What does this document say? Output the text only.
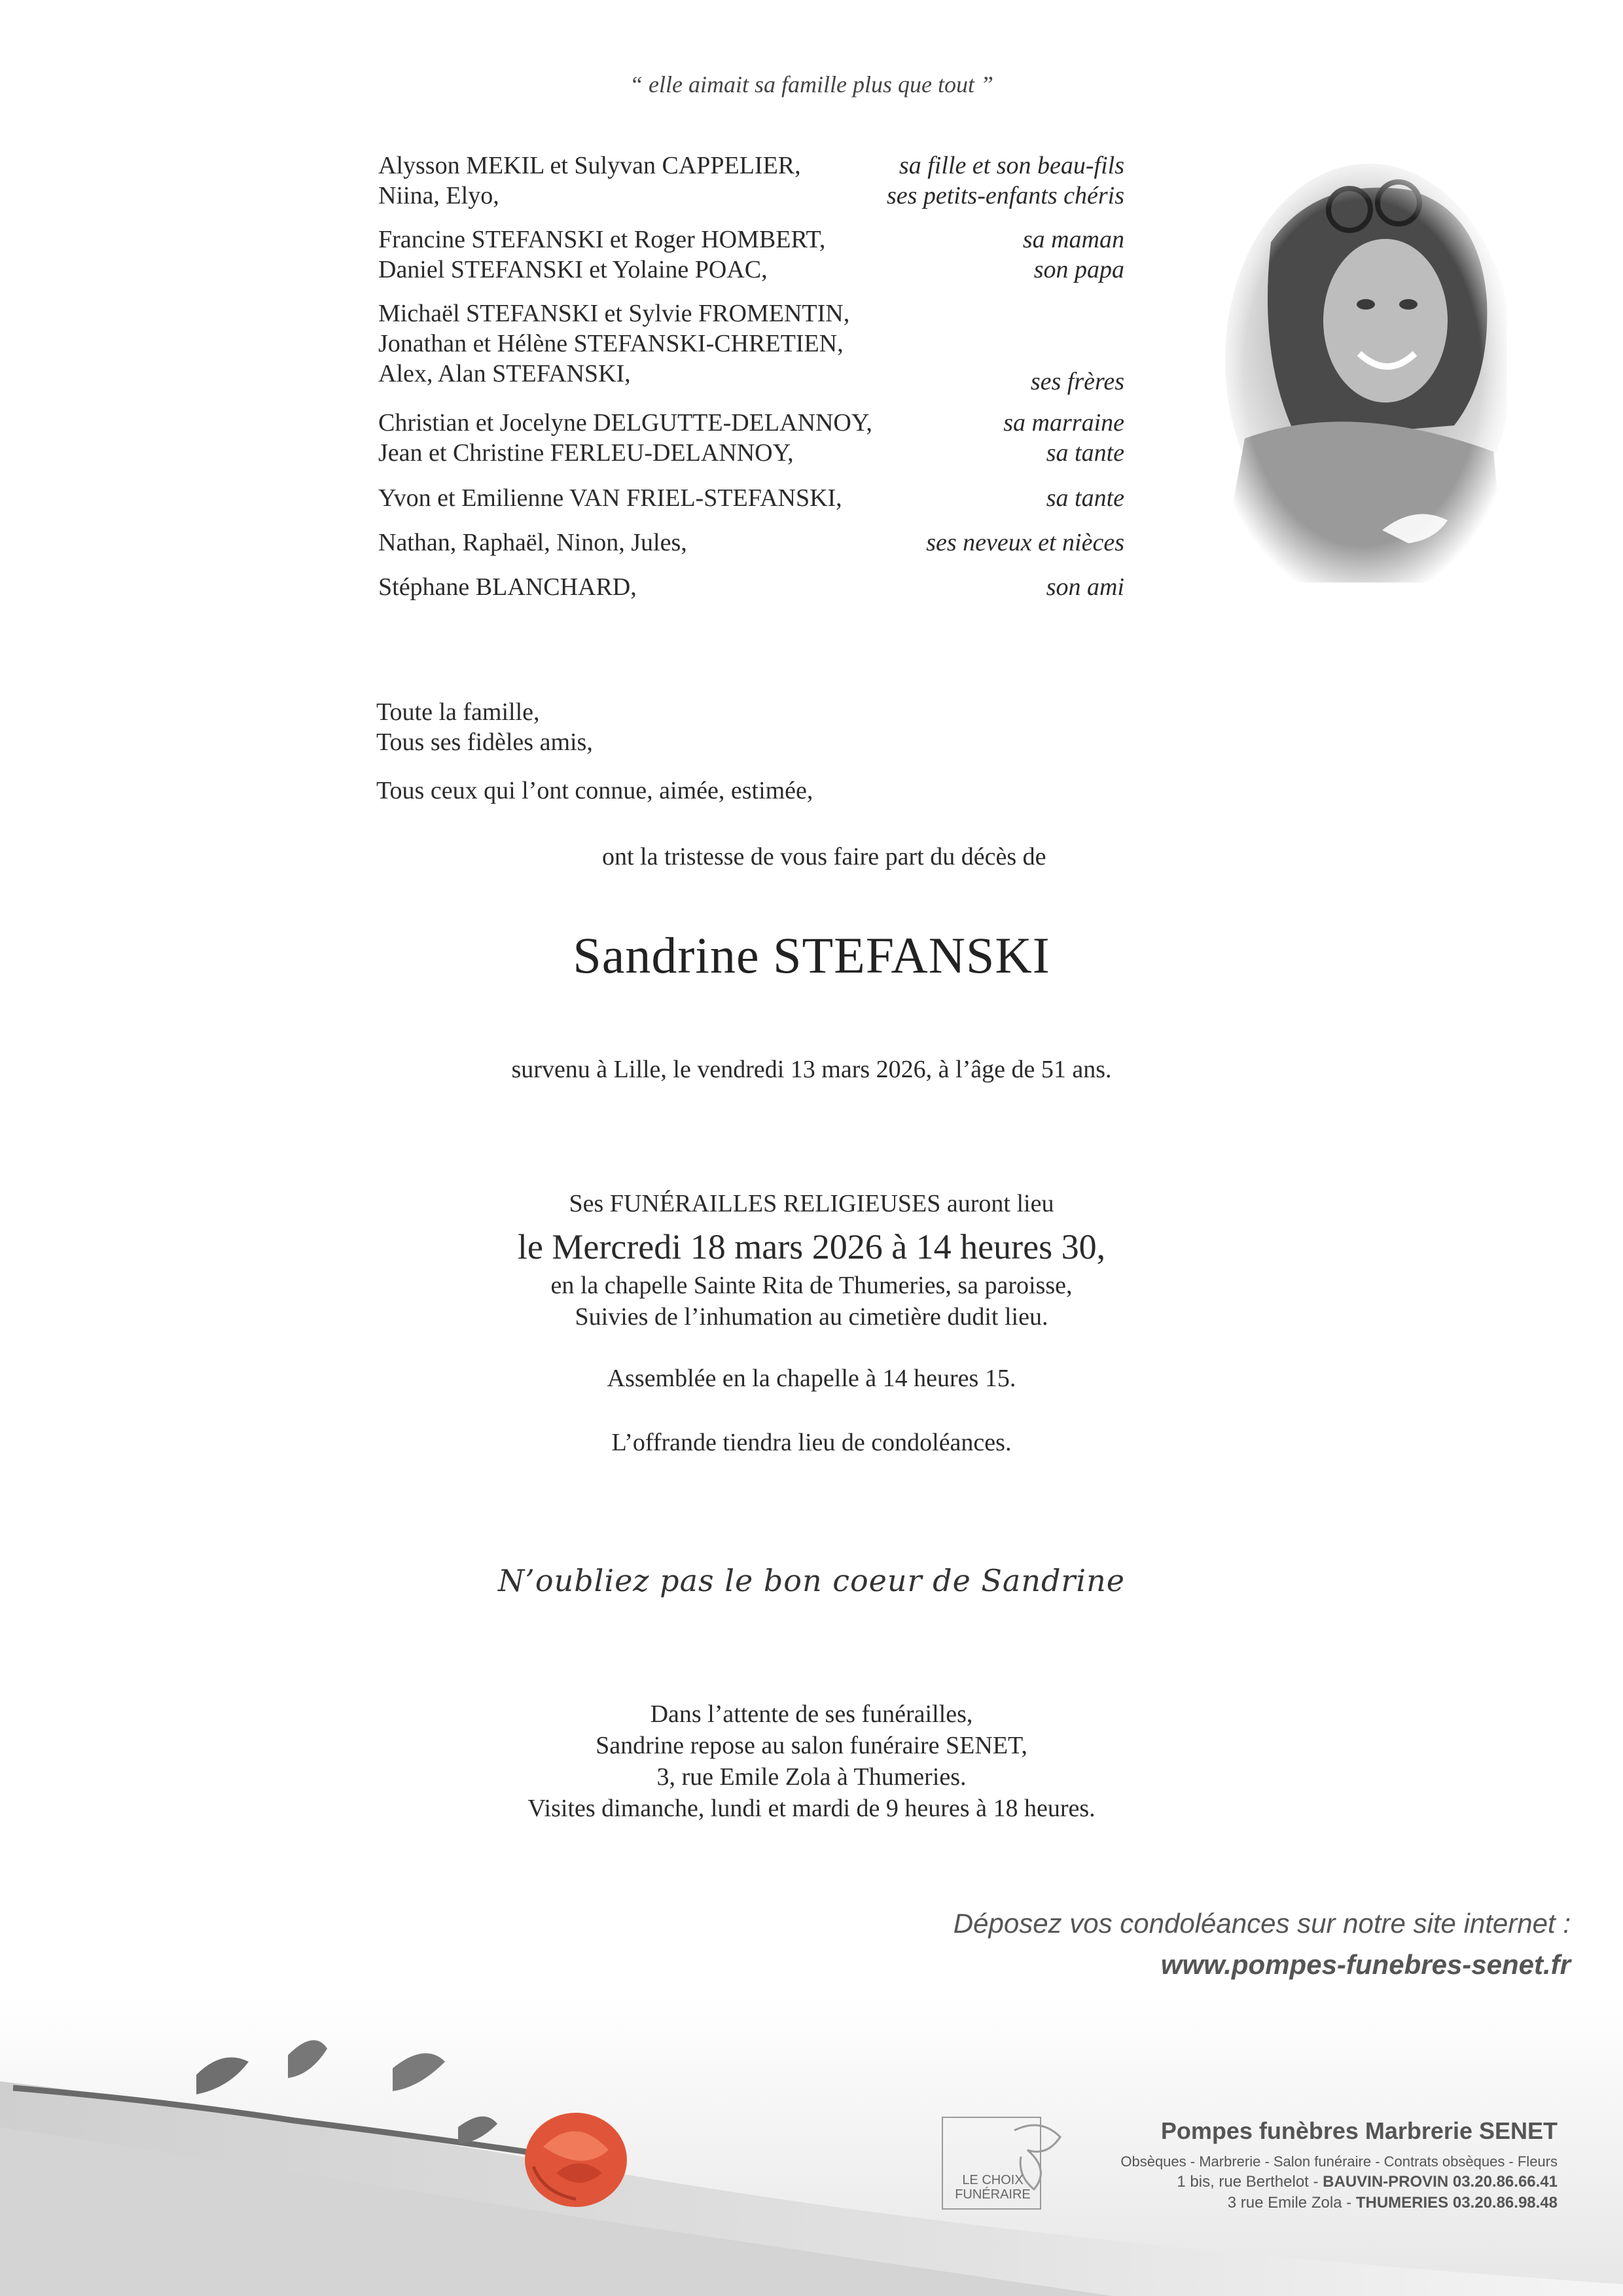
“ elle aimait sa famille plus que tout ”
Alysson MEKIL et Sulyvan CAPPELIER,	sa fille et son beau-fils
Niina, Elyo,	ses petits-enfants chéris
Francine STEFANSKI et Roger HOMBERT,	sa maman
Daniel STEFANSKI et Yolaine POAC,	son papa
Michaël STEFANSKI et Sylvie FROMENTIN,
Jonathan et Hélène STEFANSKI-CHRETIEN,
Alex, Alan STEFANSKI,	ses frères
Christian et Jocelyne DELGUTTE-DELANNOY,	sa marraine
Jean et Christine FERLEU-DELANNOY,	sa tante
Yvon et Emilienne VAN FRIEL-STEFANSKI,	sa tante
Nathan, Raphaël, Ninon, Jules,	ses neveux et nièces
Stéphane BLANCHARD,	son ami
Toute la famille,
Tous ses fidèles amis,
Tous ceux qui l’ont connue, aimée, estimée,
ont la tristesse de vous faire part du décès de
Sandrine STEFANSKI
survenu à Lille, le vendredi 13 mars 2026, à l’âge de 51 ans.
Ses FUNÉRAILLES RELIGIEUSES auront lieu
le Mercredi 18 mars 2026 à 14 heures 30,
en la chapelle Sainte Rita de Thumeries, sa paroisse,
Suivies de l’inhumation au cimetière dudit lieu.
Assemblée en la chapelle à 14 heures 15.
L’offrande tiendra lieu de condoléances.
N’oubliez pas le bon coeur de Sandrine
Dans l’attente de ses funérailles,
Sandrine repose au salon funéraire SENET,
3, rue Emile Zola à Thumeries.
Visites dimanche, lundi et mardi de 9 heures à 18 heures.
Déposez vos condoléances sur notre site internet :
www.pompes-funebres-senet.fr
LE CHOIX
FUNÉRAIRE
Pompes funèbres Marbrerie SENET
Obsèques - Marbrerie - Salon funéraire - Contrats obsèques - Fleurs
1 bis, rue Berthelot - BAUVIN-PROVIN 03.20.86.66.41
3 rue Emile Zola - THUMERIES 03.20.86.98.48
